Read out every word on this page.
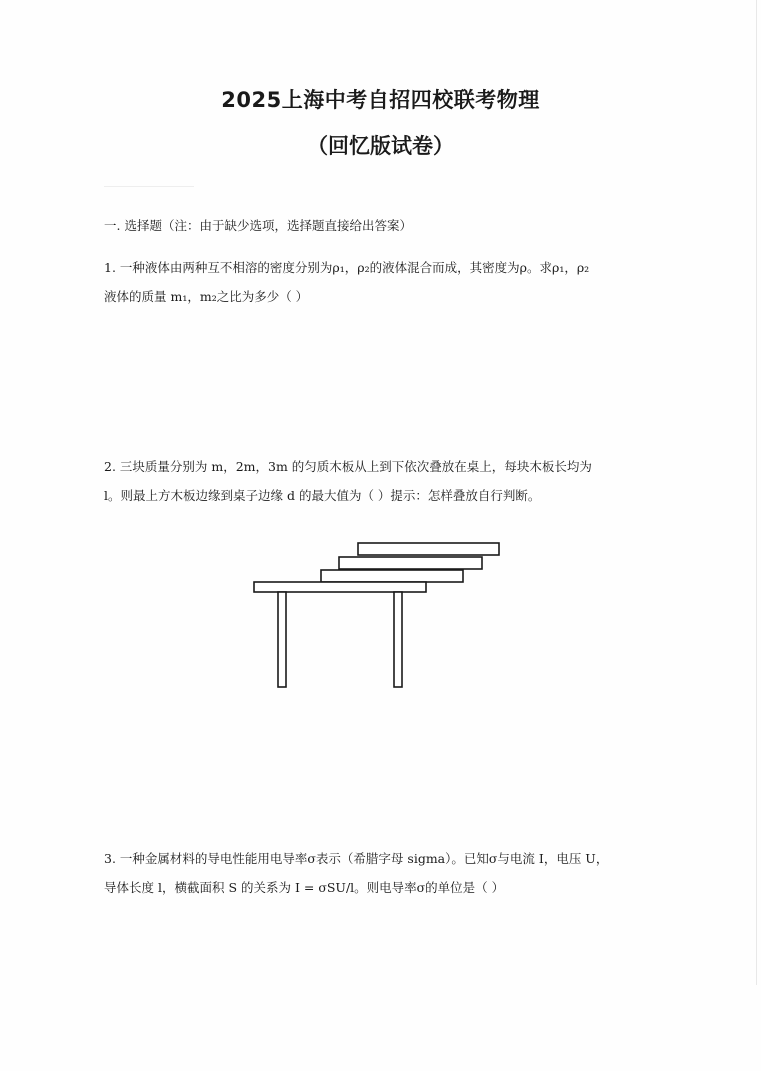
2025上海中考自招四校联考物理
（回忆版试卷）
一. 选择题（注：由于缺少选项，选择题直接给出答案）
1. 一种液体由两种互不相溶的密度分别为ρ₁，ρ₂的液体混合而成，其密度为ρ。求ρ₁，ρ₂
液体的质量 m₁，m₂之比为多少（ ）
2. 三块质量分别为 m，2m，3m 的匀质木板从上到下依次叠放在桌上，每块木板长均为
l。则最上方木板边缘到桌子边缘 d 的最大值为（ ）提示：怎样叠放自行判断。
3. 一种金属材料的导电性能用电导率σ表示（希腊字母 sigma）。已知σ与电流 I，电压 U，
导体长度 l，横截面积 S 的关系为 I = σSU/l。则电导率σ的单位是（ ）
